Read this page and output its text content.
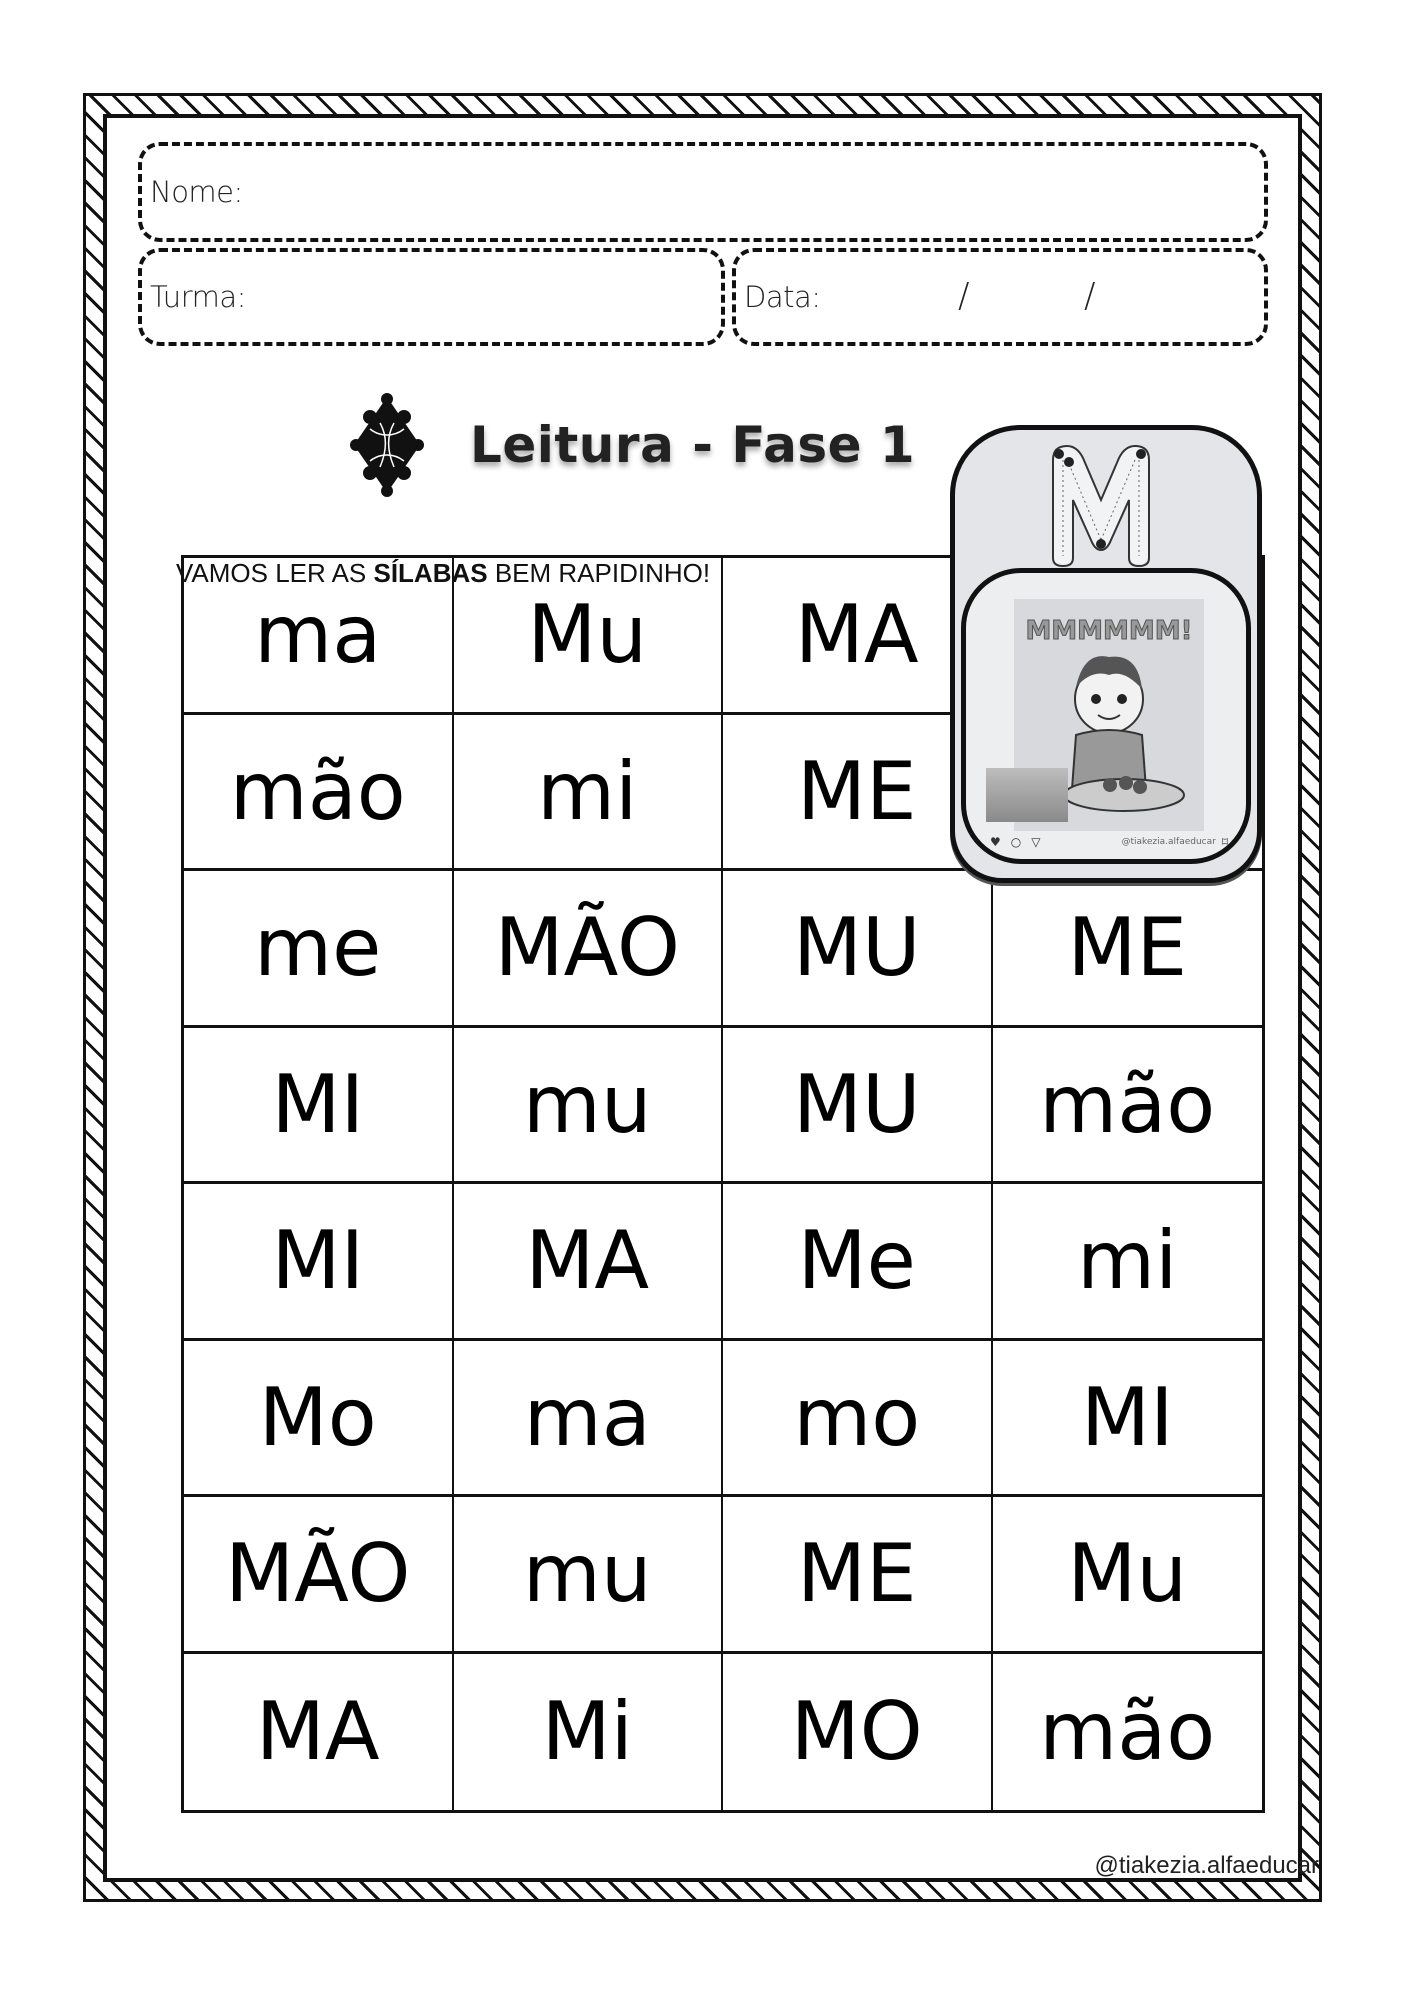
Nome:
Turma:	Data:	/	/
Leitura - Fase 1
VAMOS LER AS SÍLABAS BEM RAPIDINHO!
ma	Mu	MA
mão	mi	ME
me	MÃO	MU	ME
MI	mu	MU	mão
MI	MA	Me	mi
Mo	ma	mo	MI
MÃO	mu	ME	Mu
MA	Mi	MO	mão
MMMMMM!
♥ ○ ▽	@tiakezia.alfaeducar ⌑
@tiakezia.alfaeducar
